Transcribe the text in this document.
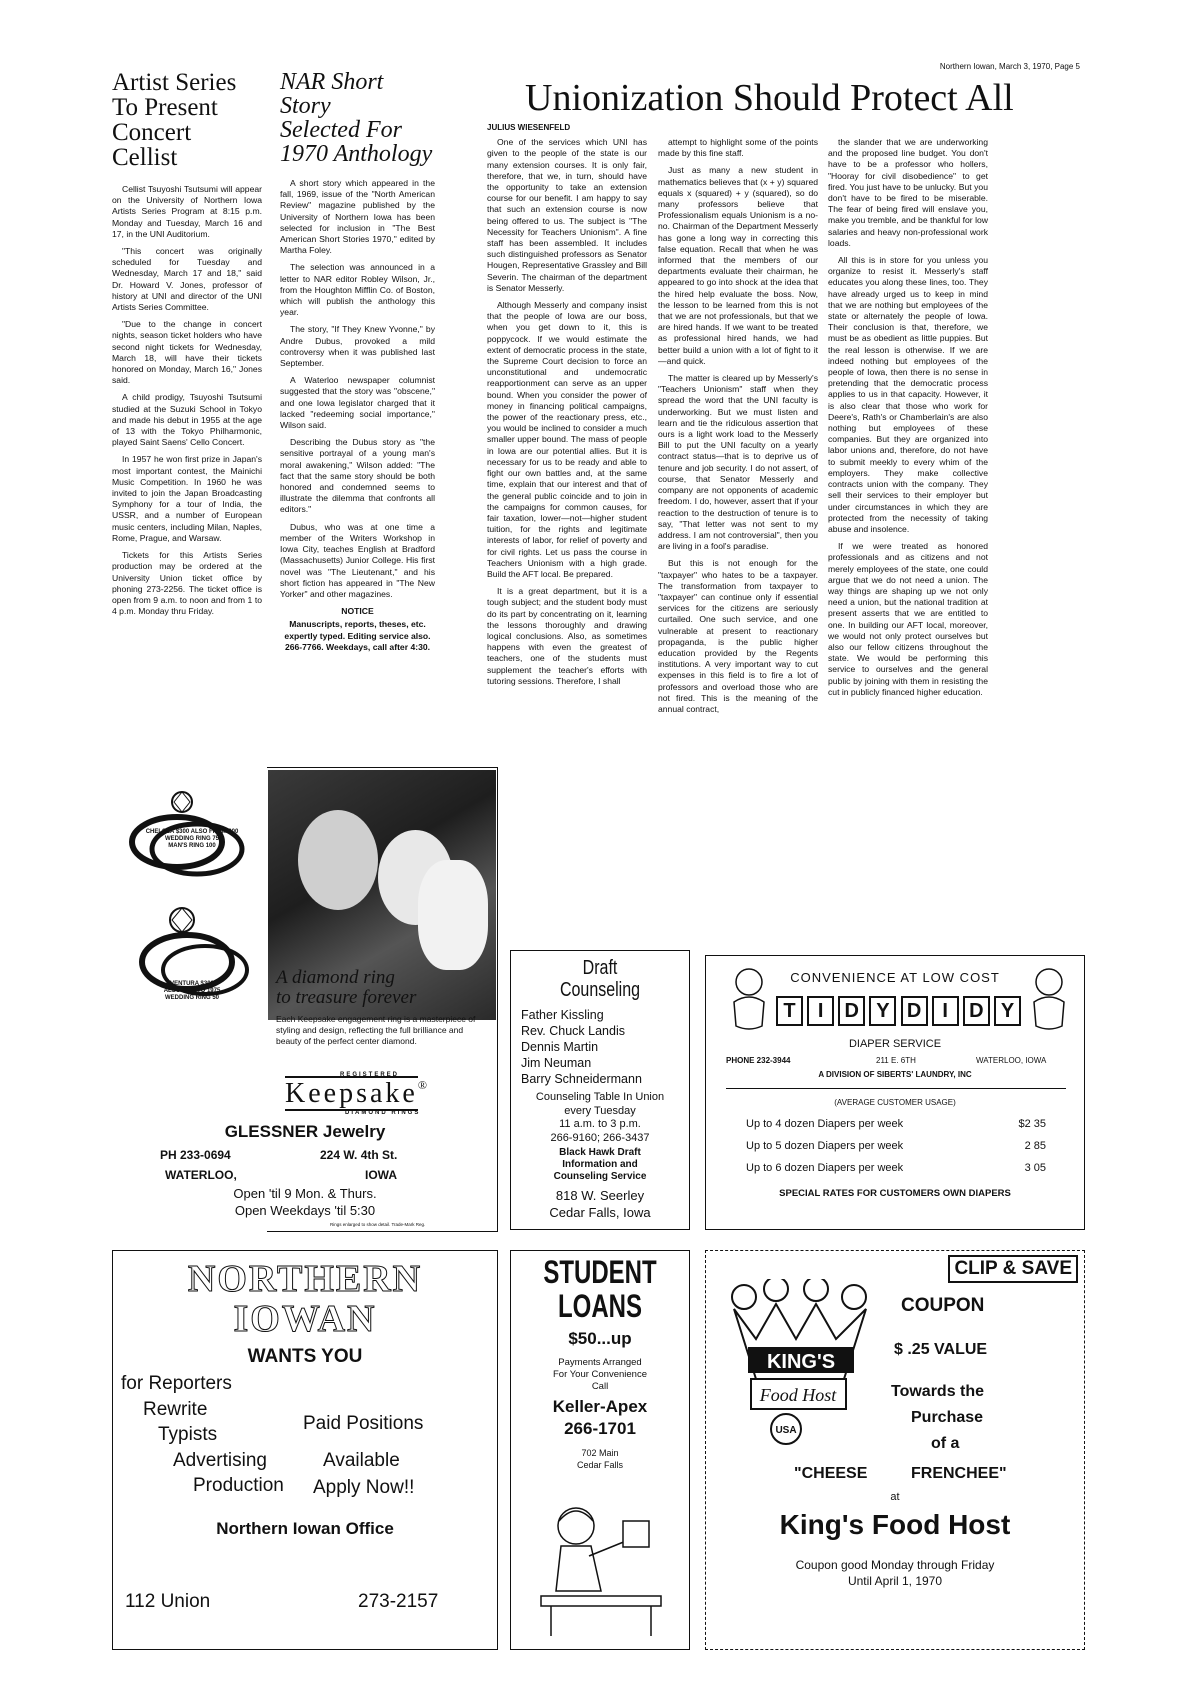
Northern Iowan, March 3, 1970, Page 5
Artist Series
To Present
Concert Cellist

Cellist Tsuyoshi Tsutsumi will appear on the University of Northern Iowa Artists Series Program at 8:15 p.m. Monday and Tuesday, March 16 and 17, in the UNI Auditorium.

"This concert was originally scheduled for Tuesday and Wednesday, March 17 and 18," said Dr. Howard V. Jones, professor of history at UNI and director of the UNI Artists Series Committee.

"Due to the change in concert nights, season ticket holders who have second night tickets for Wednesday, March 18, will have their tickets honored on Monday, March 16," Jones said.

A child prodigy, Tsuyoshi Tsutsumi studied at the Suzuki School in Tokyo and made his debut in 1955 at the age of 13 with the Tokyo Philharmonic, played Saint Saens' Cello Concert.

In 1957 he won first prize in Japan's most important contest, the Mainichi Music Competition. In 1960 he was invited to join the Japan Broadcasting Symphony for a tour of India, the USSR, and a number of European music centers, including Milan, Naples, Rome, Prague, and Warsaw.

Tickets for this Artists Series production may be ordered at the University Union ticket office by phoning 273-2256. The ticket office is open from 9 a.m. to noon and from 1 to 4 p.m. Monday thru Friday.

NAR Short Story
Selected For
1970 Anthology

A short story which appeared in the fall, 1969, issue of the "North American Review" magazine published by the University of Northern Iowa has been selected for inclusion in "The Best American Short Stories 1970," edited by Martha Foley.

The selection was announced in a letter to NAR editor Robley Wilson, Jr., from the Houghton Mifflin Co. of Boston, which will publish the anthology this year.

The story, "If They Knew Yvonne," by Andre Dubus, provoked a mild controversy when it was published last September.

A Waterloo newspaper columnist suggested that the story was "obscene," and one Iowa legislator charged that it lacked "redeeming social importance," Wilson said.

Describing the Dubus story as "the sensitive portrayal of a young man's moral awakening," Wilson added: "The fact that the same story should be both honored and condemned seems to illustrate the dilemma that confronts all editors."

Dubus, who was at one time a member of the Writers Workshop in Iowa City, teaches English at Bradford (Massachusetts) Junior College. His first novel was "The Lieutenant," and his short fiction has appeared in "The New Yorker" and other magazines.

NOTICE
Manuscripts, reports, theses, etc. expertly typed. Editing service also. 266-7766. Weekdays, call after 4:30.
Unionization Should Protect All
JULIUS WIESENFELD

One of the services which UNI has given to the people of the state is our many extension courses. It is only fair, therefore, that we, in turn, should have the opportunity to take an extension course for our benefit. I am happy to say that such an extension course is now being offered to us. The subject is "The Necessity for Teachers Unionism". A fine staff has been assembled. It includes such distinguished professors as Senator Hougen, Representative Grassley and Bill Severin. The chairman of the department is Senator Messerly.

Although Messerly and company insist that the people of Iowa are our boss, when you get down to it, this is poppycock. If we would estimate the extent of democratic process in the state, the Supreme Court decision to force an unconstitutional and undemocratic reapportionment can serve as an upper bound. When you consider the power of money in financing political campaigns, the power of the reactionary press, etc., you would be inclined to consider a much smaller upper bound. The mass of people in Iowa are our potential allies. But it is necessary for us to be ready and able to fight our own battles and, at the same time, explain that our interest and that of the general public coincide and to join in the campaigns for common causes, for fair taxation, lower—not—higher student tuition, for the rights and legitimate interests of labor, for relief of poverty and for civil rights. Let us pass the course in Teachers Unionism with a high grade. Build the AFT local. Be prepared.

It is a great department, but it is a tough subject; and the student body must do its part by concentrating on it, learning the lessons thoroughly and drawing logical conclusions. Also, as sometimes happens with even the greatest of teachers, one of the students must supplement the teacher's efforts with tutoring sessions. Therefore, I shall

attempt to highlight some of the points made by this fine staff.

Just as many a new student in mathematics believes that (x + y) squared equals x (squared) + y (squared), so do many professors believe that Professionalism equals Unionism is a no-no. Chairman of the Department Messerly has gone a long way in correcting this false equation. Recall that when he was informed that the members of our departments evaluate their chairman, he appeared to go into shock at the idea that the hired help evaluate the boss. Now, the lesson to be learned from this is not that we are not professionals, but that we are hired hands. If we want to be treated as professional hired hands, we had better build a union with a lot of fight to it—and quick.

The matter is cleared up by Messerly's "Teachers Unionism" staff when they spread the word that the UNI faculty is underworking. But we must listen and learn and tie the ridiculous assertion that ours is a light work load to the Messerly Bill to put the UNI faculty on a yearly contract status—that is to deprive us of tenure and job security. I do not assert, of course, that Senator Messerly and company are not opponents of academic freedom. I do, however, assert that if your reaction to the destruction of tenure is to say, "That letter was not sent to my address. I am not controversial", then you are living in a fool's paradise.

But this is not enough for the "taxpayer" who hates to be a taxpayer. The transformation from taxpayer to "taxpayer" can continue only if essential services for the citizens are seriously curtailed. One such service, and one vulnerable at present to reactionary propaganda, is the public higher education provided by the Regents institutions. A very important way to cut expenses in this field is to fire a lot of professors and overload those who are not fired. This is the meaning of the annual contract,

the slander that we are underworking and the proposed line budget. You don't have to be a professor who hollers, "Hooray for civil disobedience" to get fired. You just have to be unlucky. But you don't have to be fired to be miserable. The fear of being fired will enslave you, make you tremble, and be thankful for low salaries and heavy non-professional work loads.

All this is in store for you unless you organize to resist it. Messerly's staff educates you along these lines, too. They have already urged us to keep in mind that we are nothing but employees of the state or alternately the people of Iowa. Their conclusion is that, therefore, we must be as obedient as little puppies. But the real lesson is otherwise. If we are indeed nothing but employees of the people of Iowa, then there is no sense in pretending that the democratic process applies to us in that capacity. However, it is also clear that those who work for Deere's, Rath's or Chamberlain's are also nothing but employees of these companies. But they are organized into labor unions and, therefore, do not have to submit meekly to every whim of the employers. They make collective contracts union with the company. They sell their services to their employer but under circumstances in which they are protected from the necessity of taking abuse and insolence.

If we were treated as honored professionals and as citizens and not merely employees of the state, one could argue that we do not need a union. The way things are shaping up we not only need a union, but the national tradition at present asserts that we are entitled to one. In building our AFT local, moreover, we would not only protect ourselves but also our fellow citizens throughout the state. We would be performing this service to ourselves and the general public by joining with them in resisting the cut in publicly financed higher education.

CHELSEA $300 ALSO FROM 200
WEDDING RING 75
MAN'S RING 100
VENTURA $300
ALSO $150 TO 1975
WEDDING RING 50
A diamond ring
to treasure forever
Each Keepsake engagement ring is a masterpiece of styling and design, reflecting the full brilliance and beauty of the perfect center diamond.
REGISTERED
Keepsake®
DIAMOND RINGS
GLESSNER Jewelry
PH 233-0694	224 W. 4th St.
WATERLOO,	IOWA
Open 'til 9 Mon. & Thurs.
Open Weekdays 'til 5:30
Rings enlarged to show detail. Trade-Mark Reg.
Draft
Counseling
Father Kissling
Rev. Chuck Landis
Dennis Martin
Jim Neuman
Barry Schneidermann
Counseling Table In Union
every Tuesday
11 a.m. to 3 p.m.
266-9160; 266-3437
Black Hawk Draft
Information and
Counseling Service
818 W. Seerley
Cedar Falls, Iowa
CONVENIENCE AT LOW COST
T	I	D Y D	I	D Y
DIAPER SERVICE
PHONE 232-3944	211 E. 6TH	WATERLOO, IOWA
A DIVISION OF SIBERTS' LAUNDRY, INC
(AVERAGE CUSTOMER USAGE)
Up to 4 dozen Diapers per week	$2 35
Up to 5 dozen Diapers per week	2 85
Up to 6 dozen Diapers per week	3 05
SPECIAL RATES FOR CUSTOMERS OWN DIAPERS
NORTHERN
IOWAN
WANTS YOU
for Reporters
Rewrite
Typists
Advertising
Production
Paid Positions
Available
Apply Now!!
Northern Iowan Office
112 Union	273-2157
STUDENT
LOANS
$50...up
Payments Arranged
For Your Convenience
Call
Keller-Apex
266-1701
702 Main
Cedar Falls
CLIP & SAVE
KING'S
Food Host
USA
COUPON
$ .25 VALUE
Towards the
Purchase
of a
"CHEESE	FRENCHEE"
at
King's Food Host
Coupon good Monday through Friday
Until April 1, 1970
